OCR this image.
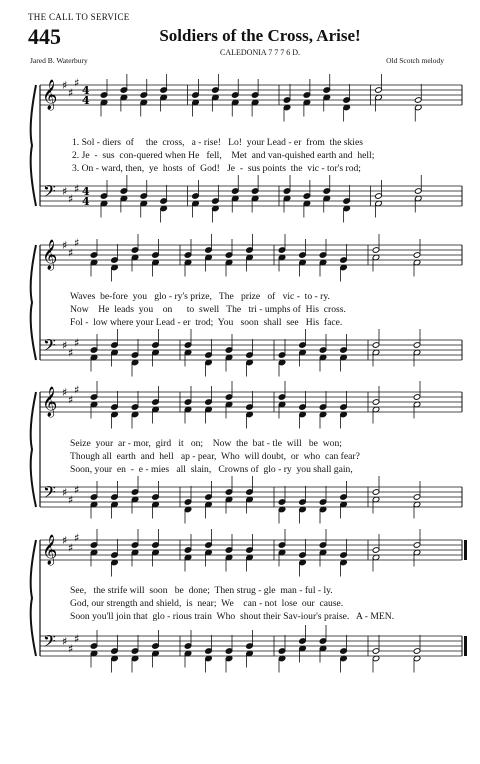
THE CALL TO SERVICE
445	Soldiers of the Cross, Arise!
CALEDONIA 7 7 7 6 D.
Jared B. Waterbury	Old Scotch melody
𝄞
𝄢
♯
♯
♯
♯
♯
♯
4
4
4
4
𝄞
𝄢
♯
♯
♯
♯
♯
♯
𝄞
𝄢
♯
♯
♯
♯
♯
♯
𝄞
𝄢
♯
♯
♯
♯
♯
♯
1. Sol - diers  of     the  cross,   a - rise!   Lo!  your Lead - er  from  the skies
2. Je  -  sus  con-quered when He   fell,    Met  and van-quished earth and  hell;
3. On - ward, then,  ye  hosts  of  God!   Je  -  sus points  the  vic - tor's rod;
Waves  be-fore  you   glo - ry's prize,   The   prize   of   vic -  to - ry.
Now    He  leads  you    on      to  swell   The   tri - umphs of  His  cross.
Fol -  low where your Lead - er  trod;  You   soon  shall  see   His  face.
Seize  your  ar - mor,  gird   it   on;    Now  the  bat - tle  will   be  won;
Though all  earth  and  hell   ap - pear,  Who  will doubt,  or  who  can fear?
Soon, your  en  -  e - mies   all  slain,   Crowns of  glo - ry  you shall gain,
See,   the strife will  soon   be  done;  Then strug - gle  man - ful - ly.
God, our strength and shield,  is  near;  We    can - not  lose  our  cause.
Soon you'll join that  glo - rious train  Who  shout their Sav-iour's praise.   A - MEN.
